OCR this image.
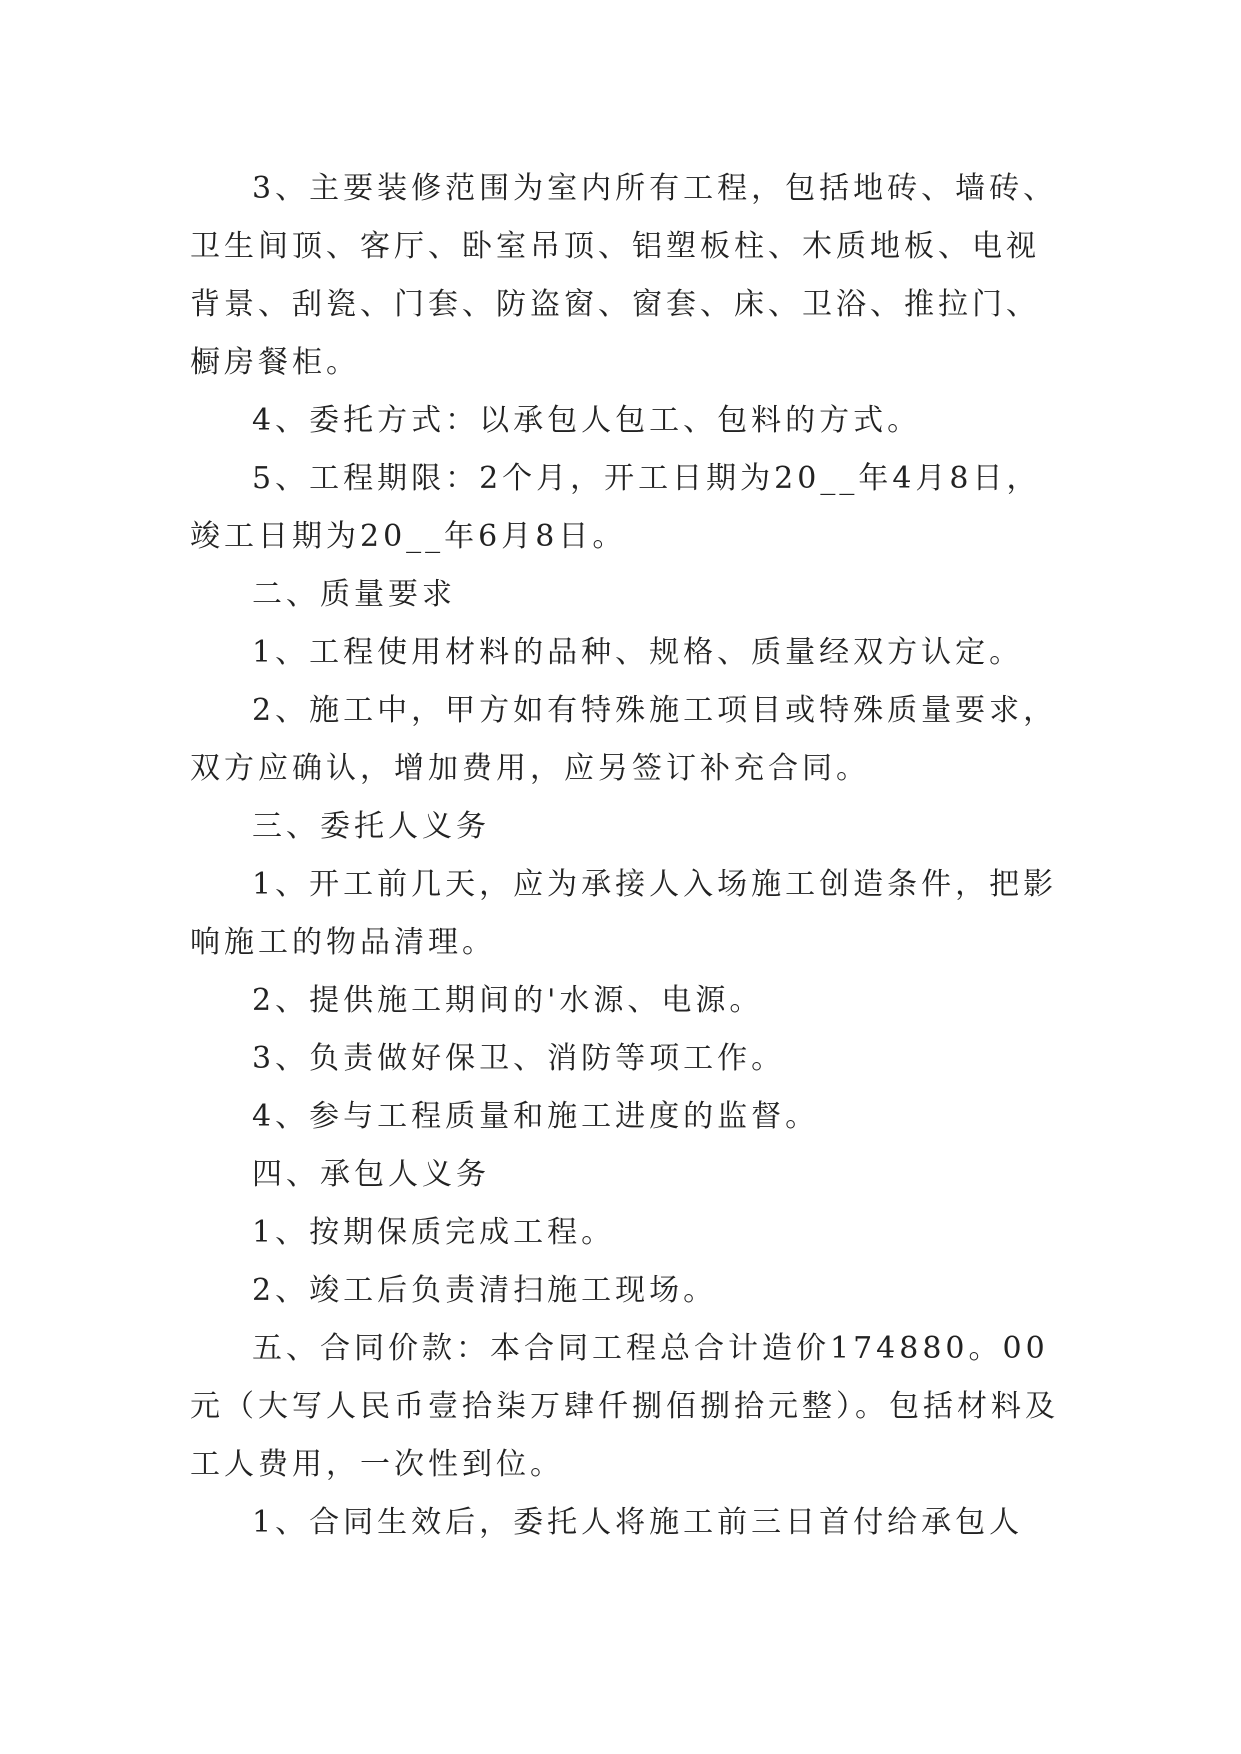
3、主要装修范围为室内所有工程，包括地砖、墙砖、卫生间顶、客厅、卧室吊顶、铝塑板柱、木质地板、电视背景、刮瓷、门套、防盗窗、窗套、床、卫浴、推拉门、橱房餐柜。

4、委托方式：以承包人包工、包料的方式。

5、工程期限：2个月，开工日期为20__年4月8日，竣工日期为20__年6月8日。

二、质量要求

1、工程使用材料的品种、规格、质量经双方认定。

2、施工中，甲方如有特殊施工项目或特殊质量要求，双方应确认，增加费用，应另签订补充合同。

三、委托人义务

1、开工前几天，应为承接人入场施工创造条件，把影响施工的物品清理。

2、提供施工期间的'水源、电源。

3、负责做好保卫、消防等项工作。

4、参与工程质量和施工进度的监督。

四、承包人义务

1、按期保质完成工程。

2、竣工后负责清扫施工现场。

五、合同价款：本合同工程总合计造价174880。00元（大写人民币壹拾柒万肆仟捌佰捌拾元整）。包括材料及工人费用，一次性到位。

1、合同生效后，委托人将施工前三日首付给承包人
